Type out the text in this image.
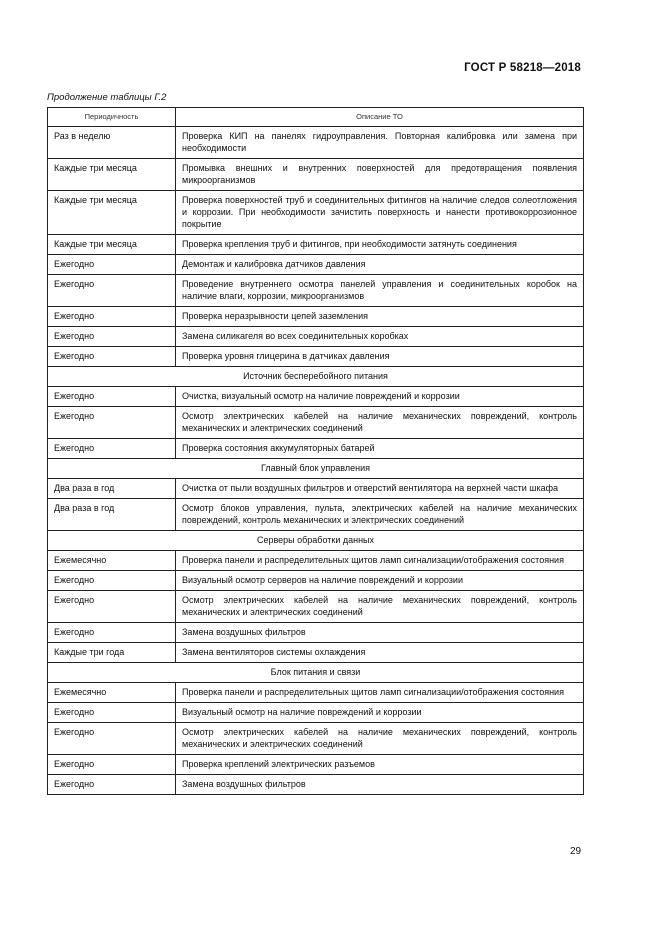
ГОСТ Р 58218—2018
Продолжение таблицы Г.2
Периодичность	Описание ТО
Раз в неделю	Проверка КИП на панелях гидроуправления. Повторная калибровка или замена при необходимости
Каждые три месяца	Промывка внешних и внутренних поверхностей для предотвращения появления микроорганизмов
Каждые три месяца	Проверка поверхностей труб и соединительных фитингов на наличие следов солеотложения и коррозии. При необходимости зачистить поверхность и нанести противокоррозионное покрытие
Каждые три месяца	Проверка крепления труб и фитингов, при необходимости затянуть соединения
Ежегодно	Демонтаж и калибровка датчиков давления
Ежегодно	Проведение внутреннего осмотра панелей управления и соединительных коробок на наличие влаги, коррозии, микроорганизмов
Ежегодно	Проверка неразрывности цепей заземления
Ежегодно	Замена силикагеля во всех соединительных коробках
Ежегодно	Проверка уровня глицерина в датчиках давления
Источник бесперебойного питания	
Ежегодно	Очистка, визуальный осмотр на наличие повреждений и коррозии
Ежегодно	Осмотр электрических кабелей на наличие механических повреждений, контроль механических и электрических соединений
Ежегодно	Проверка состояния аккумуляторных батарей
Главный блок управления	
Два раза в год	Очистка от пыли воздушных фильтров и отверстий вентилятора на верхней части шкафа
Два раза в год	Осмотр блоков управления, пульта, электрических кабелей на наличие механических повреждений, контроль механических и электрических соединений
Серверы обработки данных	
Ежемесячно	Проверка панели и распределительных щитов ламп сигнализации/отображения состояния
Ежегодно	Визуальный осмотр серверов на наличие повреждений и коррозии
Ежегодно	Осмотр электрических кабелей на наличие механических повреждений, контроль механических и электрических соединений
Ежегодно	Замена воздушных фильтров
Каждые три года	Замена вентиляторов системы охлаждения
Блок питания и связи	
Ежемесячно	Проверка панели и распределительных щитов ламп сигнализации/отображения состояния
Ежегодно	Визуальный осмотр на наличие повреждений и коррозии
Ежегодно	Осмотр электрических кабелей на наличие механических повреждений, контроль механических и электрических соединений
Ежегодно	Проверка креплений электрических разъемов
Ежегодно	Замена воздушных фильтров
29
